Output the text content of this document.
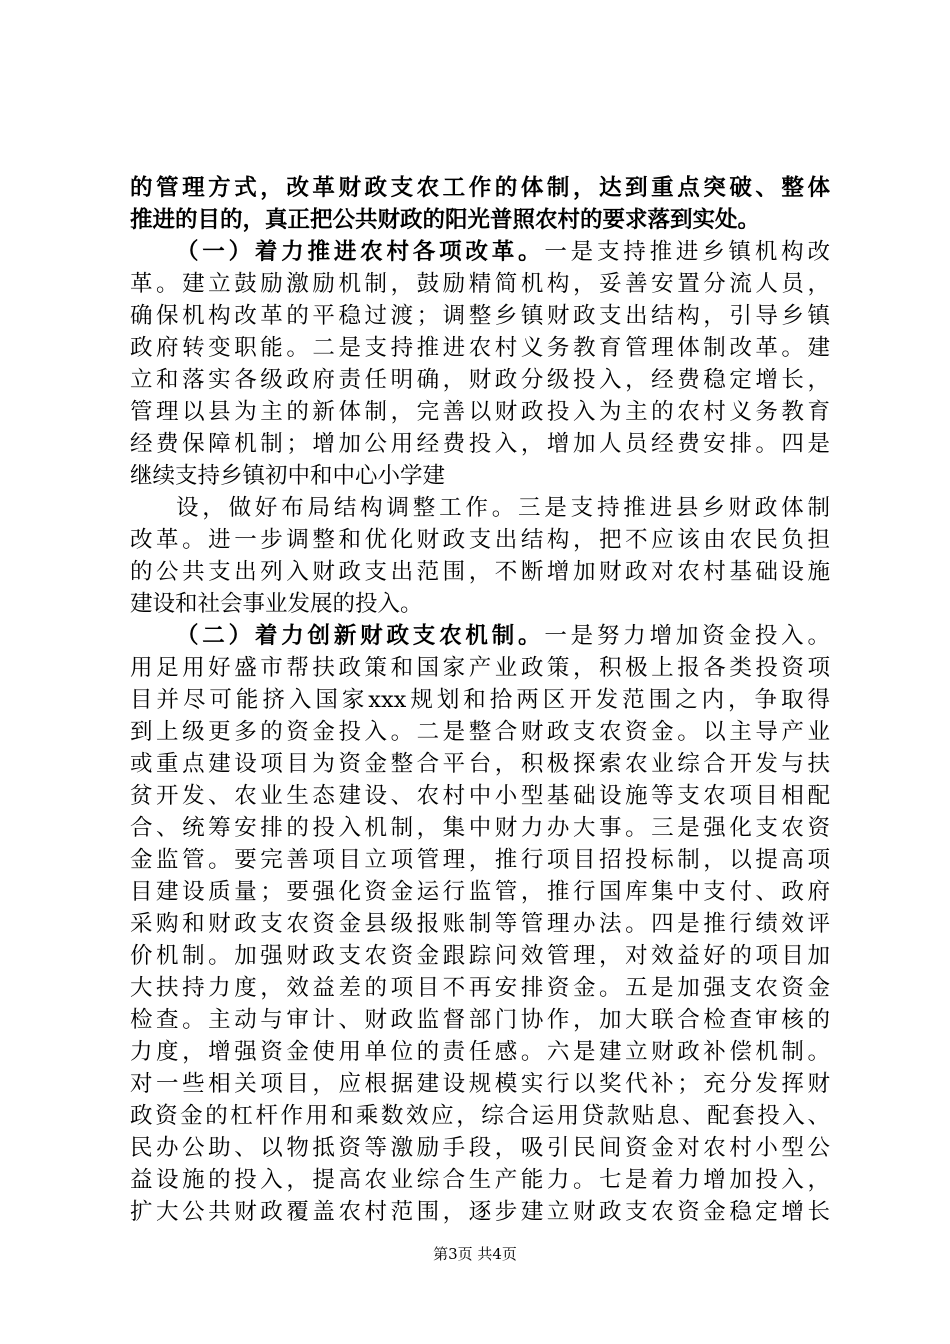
的管理方式，改革财政支农工作的体制，达到重点突破、整体
推进的目的，真正把公共财政的阳光普照农村的要求落到实处。
（一）着力推进农村各项改革。一是支持推进乡镇机构改
革。建立鼓励激励机制，鼓励精简机构，妥善安置分流人员，
确保机构改革的平稳过渡；调整乡镇财政支出结构，引导乡镇
政府转变职能。二是支持推进农村义务教育管理体制改革。建
立和落实各级政府责任明确，财政分级投入，经费稳定增长，
管理以县为主的新体制，完善以财政投入为主的农村义务教育
经费保障机制；增加公用经费投入，增加人员经费安排。四是
继续支持乡镇初中和中心小学建
设，做好布局结构调整工作。三是支持推进县乡财政体制
改革。进一步调整和优化财政支出结构，把不应该由农民负担
的公共支出列入财政支出范围，不断增加财政对农村基础设施
建设和社会事业发展的投入。
（二）着力创新财政支农机制。一是努力增加资金投入。
用足用好盛市帮扶政策和国家产业政策，积极上报各类投资项
目并尽可能挤入国家xxx规划和拾两区开发范围之内，争取得
到上级更多的资金投入。二是整合财政支农资金。以主导产业
或重点建设项目为资金整合平台，积极探索农业综合开发与扶
贫开发、农业生态建设、农村中小型基础设施等支农项目相配
合、统筹安排的投入机制，集中财力办大事。三是强化支农资
金监管。要完善项目立项管理，推行项目招投标制，以提高项
目建设质量；要强化资金运行监管，推行国库集中支付、政府
采购和财政支农资金县级报账制等管理办法。四是推行绩效评
价机制。加强财政支农资金跟踪问效管理，对效益好的项目加
大扶持力度，效益差的项目不再安排资金。五是加强支农资金
检查。主动与审计、财政监督部门协作，加大联合检查审核的
力度，增强资金使用单位的责任感。六是建立财政补偿机制。
对一些相关项目，应根据建设规模实行以奖代补；充分发挥财
政资金的杠杆作用和乘数效应，综合运用贷款贴息、配套投入、
民办公助、以物抵资等激励手段，吸引民间资金对农村小型公
益设施的投入，提高农业综合生产能力。七是着力增加投入，
扩大公共财政覆盖农村范围，逐步建立财政支农资金稳定增长
第3页 共4页
